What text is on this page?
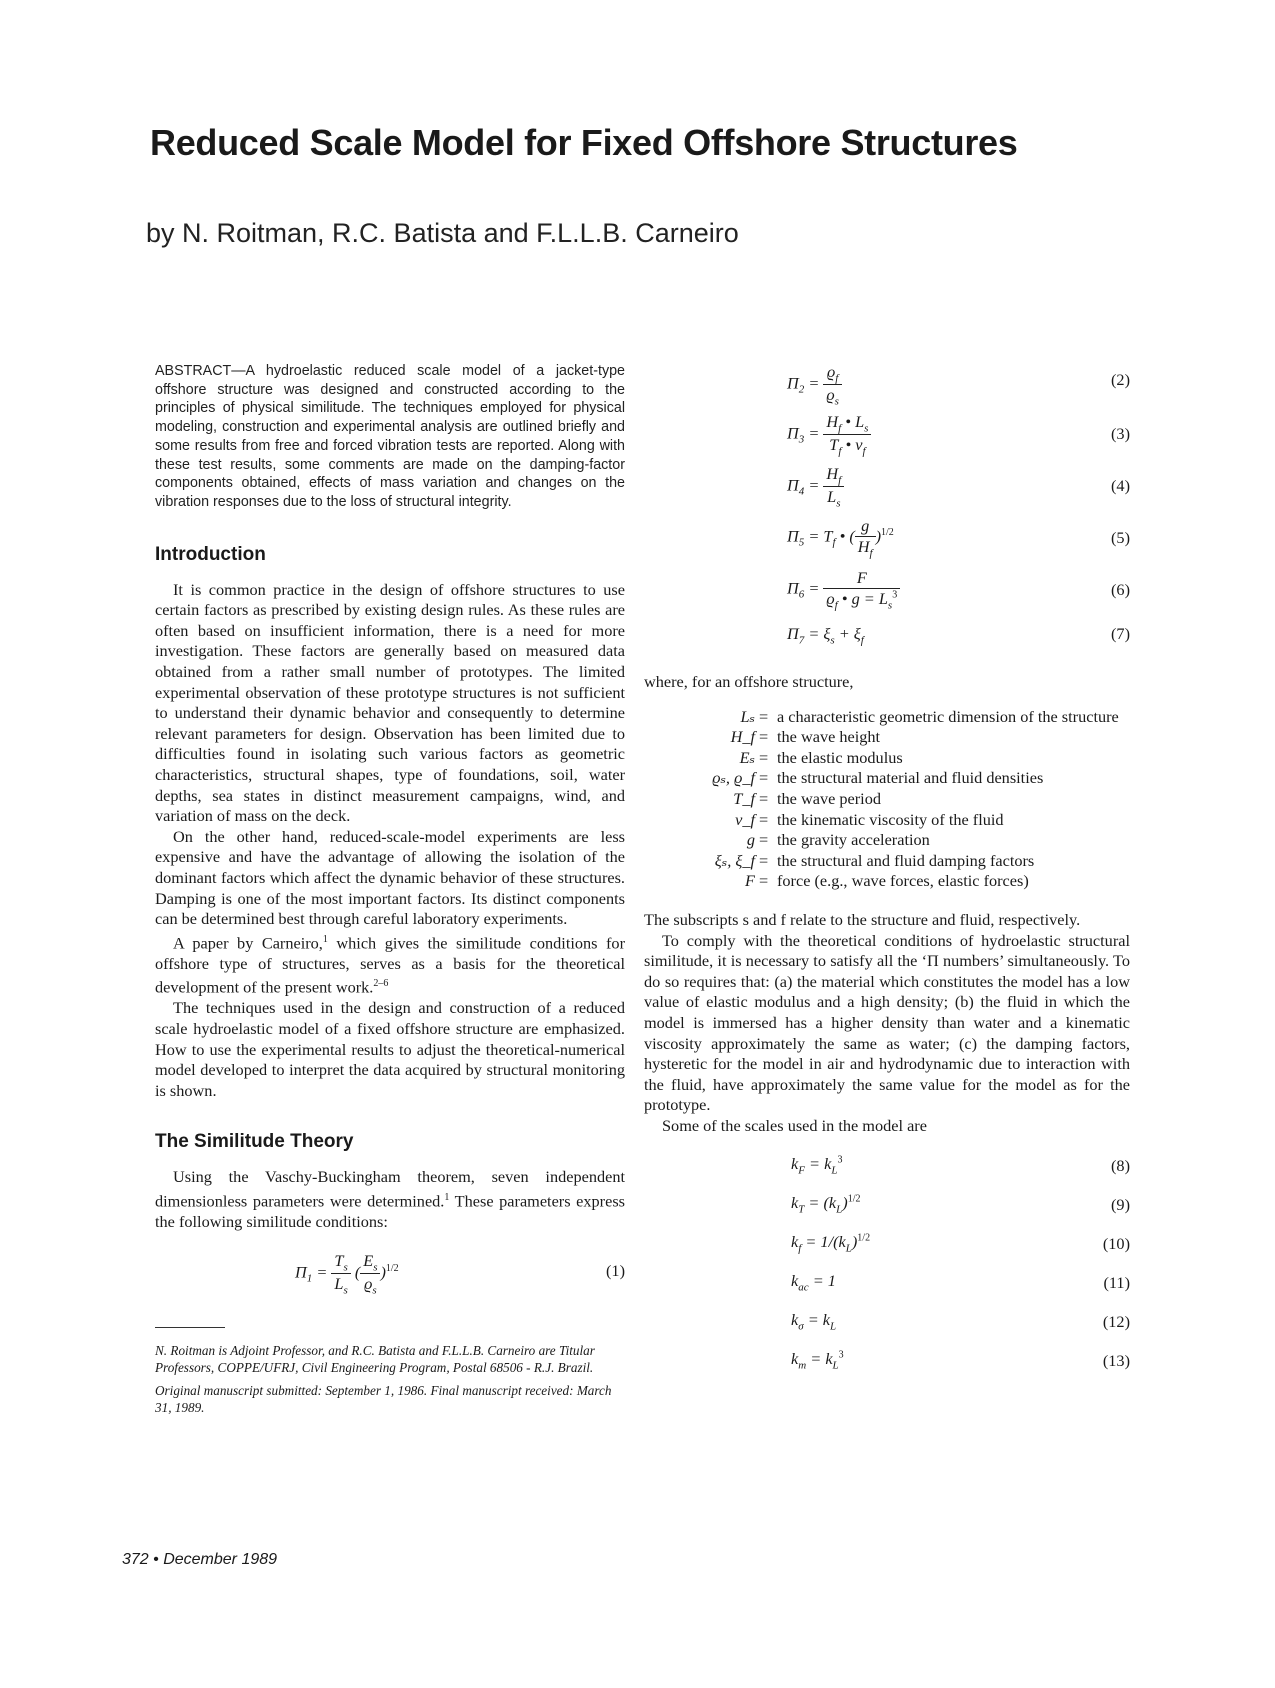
Reduced Scale Model for Fixed Offshore Structures
by N. Roitman, R.C. Batista and F.L.L.B. Carneiro

ABSTRACT—A hydroelastic reduced scale model of a jacket-type offshore structure was designed and constructed according to the principles of physical similitude. The techniques employed for physical modeling, construction and experimental analysis are outlined briefly and some results from free and forced vibration tests are reported. Along with these test results, some comments are made on the damping-factor components obtained, effects of mass variation and changes on the vibration responses due to the loss of structural integrity.

Introduction

It is common practice in the design of offshore structures to use certain factors as prescribed by existing design rules. As these rules are often based on insufficient information, there is a need for more investigation. These factors are generally based on measured data obtained from a rather small number of prototypes. The limited experimental observation of these prototype structures is not sufficient to understand their dynamic behavior and consequently to determine relevant parameters for design. Observation has been limited due to difficulties found in isolating such various factors as geometric characteristics, structural shapes, type of foundations, soil, water depths, sea states in distinct measurement campaigns, wind, and variation of mass on the deck.

On the other hand, reduced-scale-model experiments are less expensive and have the advantage of allowing the isolation of the dominant factors which affect the dynamic behavior of these structures. Damping is one of the most important factors. Its distinct components can be determined best through careful laboratory experiments.

A paper by Carneiro,$^1$ which gives the similitude conditions for offshore type of structures, serves as a basis for the theoretical development of the present work.$^{2-6}$

The techniques used in the design and construction of a reduced scale hydroelastic model of a fixed offshore structure are emphasized. How to use the experimental results to adjust the theoretical-numerical model developed to interpret the data acquired by structural monitoring is shown.

The Similitude Theory

Using the Vaschy-Buckingham theorem, seven independent dimensionless parameters were determined.$^1$ These parameters express the following similitude conditions:

$\Pi_1 = \frac{T_s}{L_s}$ ( $\frac{E_s}{ϱ_s} )^{1/2}$	(1)

N. Roitman is Adjoint Professor, and R.C. Batista and F.L.L.B. Carneiro are Titular Professors, COPPE/UFRJ, Civil Engineering Program, Postal 68506 - R.J. Brazil.

Original manuscript submitted: September 1, 1986. Final manuscript received: March 31, 1989.

$\Pi_2 = \frac{ϱ_f}{ϱ_s}$	(2)
$\Pi_3 = \frac{H_f • L_s}{T_f • \nu_f}$	(3)
$\Pi_4 = \frac{H_f}{L_s}$	(4)
$\Pi_5 = T_f$ • ( $\frac{g}{H_f} )^{1/2}$	(5)
$\Pi_6 = \frac{F}{ϱ_f • g = L_s^3}$	(6)
$\Pi_7 = \xi_s + \xi_f$	(7)

where, for an offshore structure,

Lₛ = a characteristic geometric dimension of the structure
H_f = the wave height
Eₛ = the elastic modulus
ϱₛ, ϱ_f = the structural material and fluid densities
T_f = the wave period
ν_f = the kinematic viscosity of the fluid
g = the gravity acceleration
ξₛ, ξ_f = the structural and fluid damping factors
F = force (e.g., wave forces, elastic forces)

The subscripts s and f relate to the structure and fluid, respectively.

To comply with the theoretical conditions of hydroelastic structural similitude, it is necessary to satisfy all the ‘Π numbers’ simultaneously. To do so requires that: (a) the material which constitutes the model has a low value of elastic modulus and a high density; (b) the fluid in which the model is immersed has a higher density than water and a kinematic viscosity approximately the same as water; (c) the damping factors, hysteretic for the model in air and hydrodynamic due to interaction with the fluid, have approximately the same value for the model as for the prototype.

Some of the scales used in the model are

$k_F = k_L^3$	(8)
$k_T = (k_L)^{1/2}$	(9)
$k_f = 1/(k_L)^{1/2}$	(10)
$k_{ac} = 1$	(11)
$k_\sigma = k_L$	(12)
$k_m = k_L^3$	(13)
372 • December 1989
